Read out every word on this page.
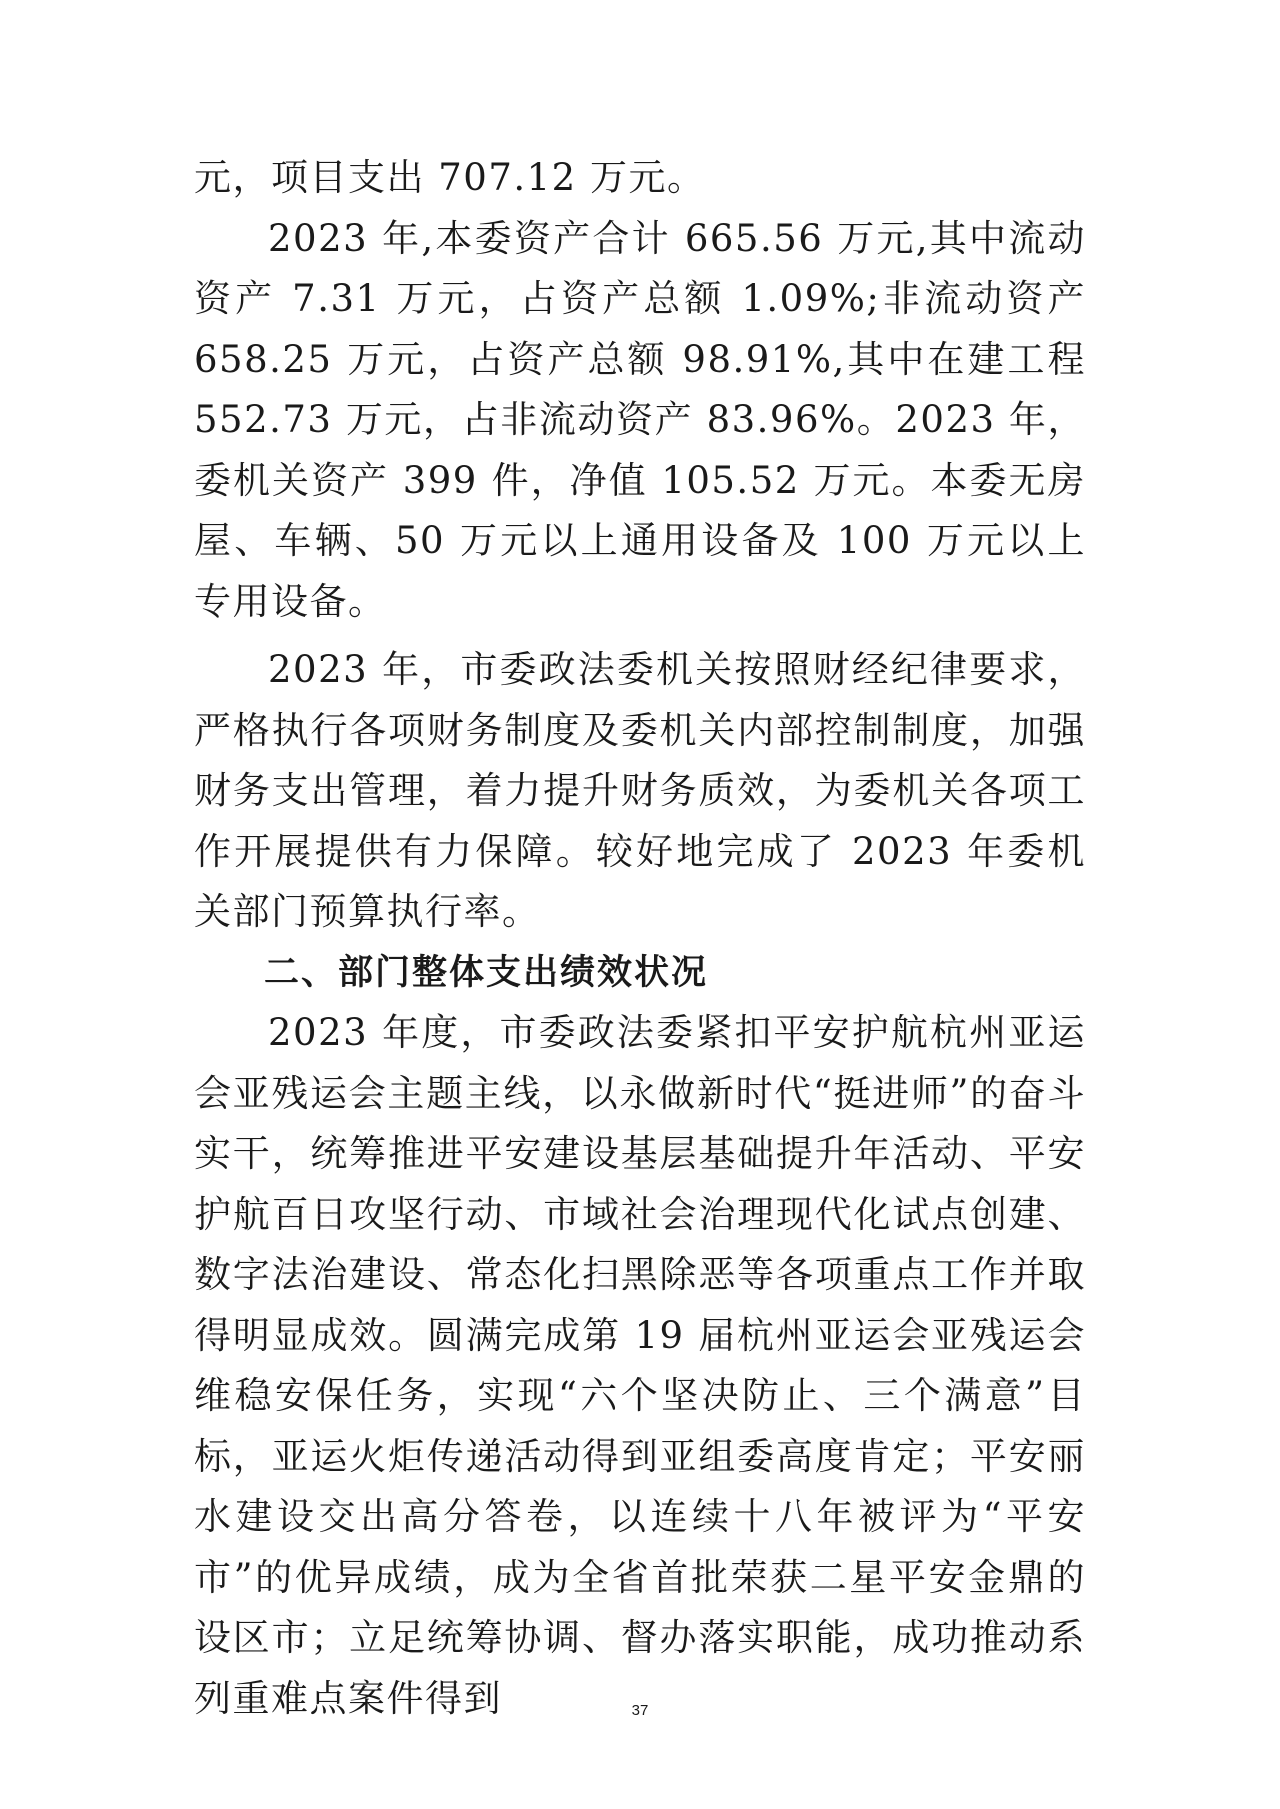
元，项目支出 707.12 万元。

2023 年,本委资产合计 665.56 万元,其中流动资产 7.31 万元，占资产总额 1.09%;非流动资产 658.25 万元，占资产总额 98.91%,其中在建工程 552.73 万元，占非流动资产 83.96%。2023 年，委机关资产 399 件，净值 105.52 万元。本委无房屋、车辆、50 万元以上通用设备及 100 万元以上专用设备。

2023 年，市委政法委机关按照财经纪律要求，严格执行各项财务制度及委机关内部控制制度，加强财务支出管理，着力提升财务质效，为委机关各项工作开展提供有力保障。较好地完成了 2023 年委机关部门预算执行率。

二、部门整体支出绩效状况

2023 年度，市委政法委紧扣平安护航杭州亚运会亚残运会主题主线，以永做新时代“挺进师”的奋斗实干，统筹推进平安建设基层基础提升年活动、平安护航百日攻坚行动、市域社会治理现代化试点创建、数字法治建设、常态化扫黑除恶等各项重点工作并取得明显成效。圆满完成第 19 届杭州亚运会亚残运会维稳安保任务，实现“六个坚决防止、三个满意”目标，亚运火炬传递活动得到亚组委高度肯定；平安丽水建设交出高分答卷，以连续十八年被评为“平安市”的优异成绩，成为全省首批荣获二星平安金鼎的设区市；立足统筹协调、督办落实职能，成功推动系列重难点案件得到	37
